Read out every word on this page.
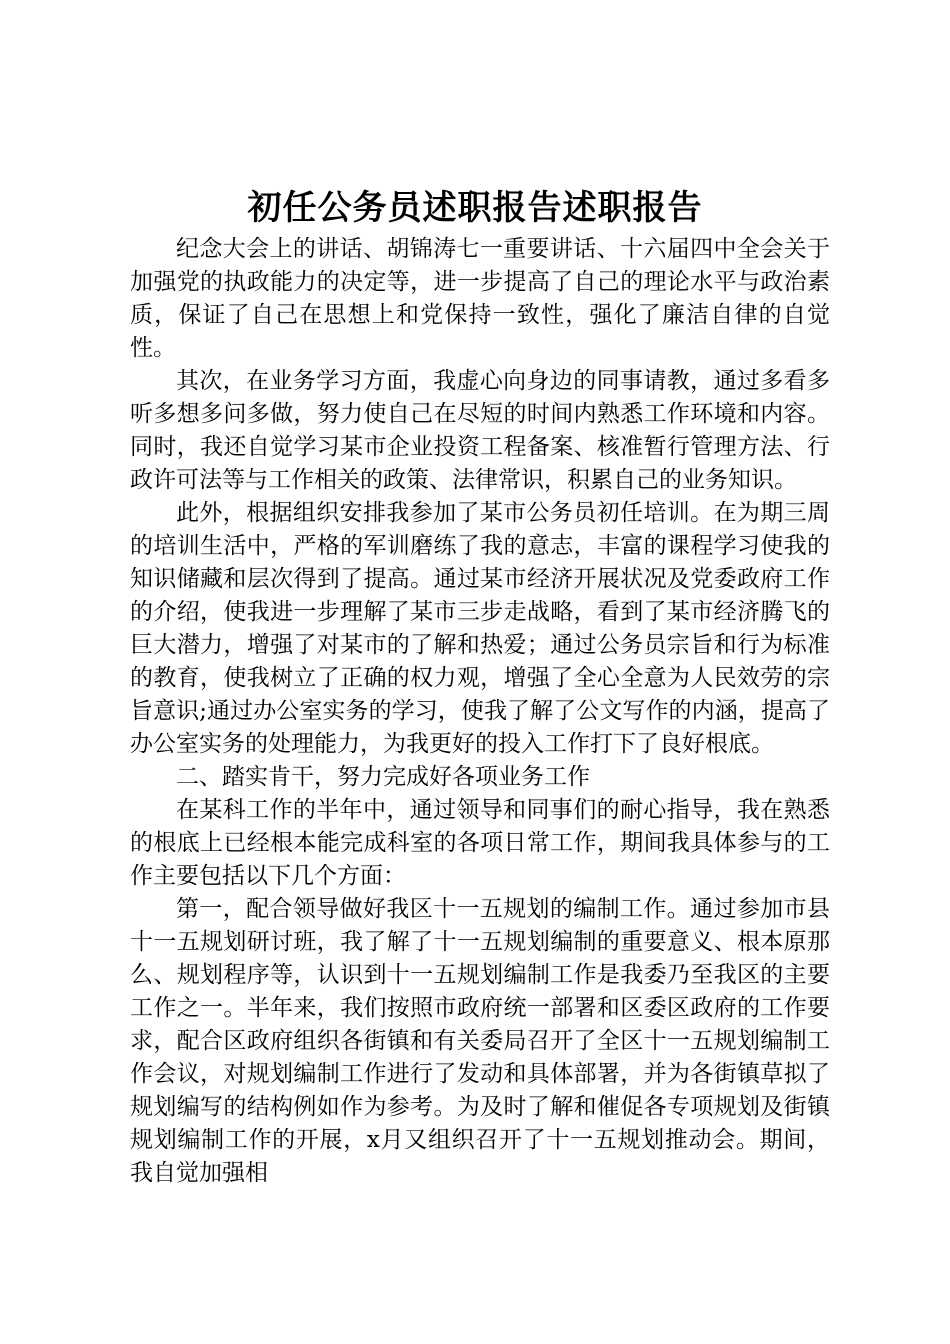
初任公务员述职报告述职报告

纪念大会上的讲话、胡锦涛七一重要讲话、十六届四中全会关于加强党的执政能力的决定等，进一步提高了自己的理论水平与政治素质，保证了自己在思想上和党保持一致性，强化了廉洁自律的自觉性。

其次，在业务学习方面，我虚心向身边的同事请教，通过多看多听多想多问多做，努力使自己在尽短的时间内熟悉工作环境和内容。同时，我还自觉学习某市企业投资工程备案、核准暂行管理方法、行政许可法等与工作相关的政策、法律常识，积累自己的业务知识。

此外，根据组织安排我参加了某市公务员初任培训。在为期三周的培训生活中，严格的军训磨练了我的意志，丰富的课程学习使我的知识储藏和层次得到了提高。通过某市经济开展状况及党委政府工作的介绍，使我进一步理解了某市三步走战略，看到了某市经济腾飞的巨大潜力，增强了对某市的了解和热爱；通过公务员宗旨和行为标准的教育，使我树立了正确的权力观，增强了全心全意为人民效劳的宗旨意识;通过办公室实务的学习，使我了解了公文写作的内涵，提高了办公室实务的处理能力，为我更好的投入工作打下了良好根底。

二、踏实肯干，努力完成好各项业务工作

在某科工作的半年中，通过领导和同事们的耐心指导，我在熟悉的根底上已经根本能完成科室的各项日常工作，期间我具体参与的工作主要包括以下几个方面：

第一，配合领导做好我区十一五规划的编制工作。通过参加市县十一五规划研讨班，我了解了十一五规划编制的重要意义、根本原那么、规划程序等，认识到十一五规划编制工作是我委乃至我区的主要工作之一。半年来，我们按照市政府统一部署和区委区政府的工作要求，配合区政府组织各街镇和有关委局召开了全区十一五规划编制工作会议，对规划编制工作进行了发动和具体部署，并为各街镇草拟了规划编写的结构例如作为参考。为及时了解和催促各专项规划及街镇规划编制工作的开展，x月又组织召开了十一五规划推动会。期间，我自觉加强相
